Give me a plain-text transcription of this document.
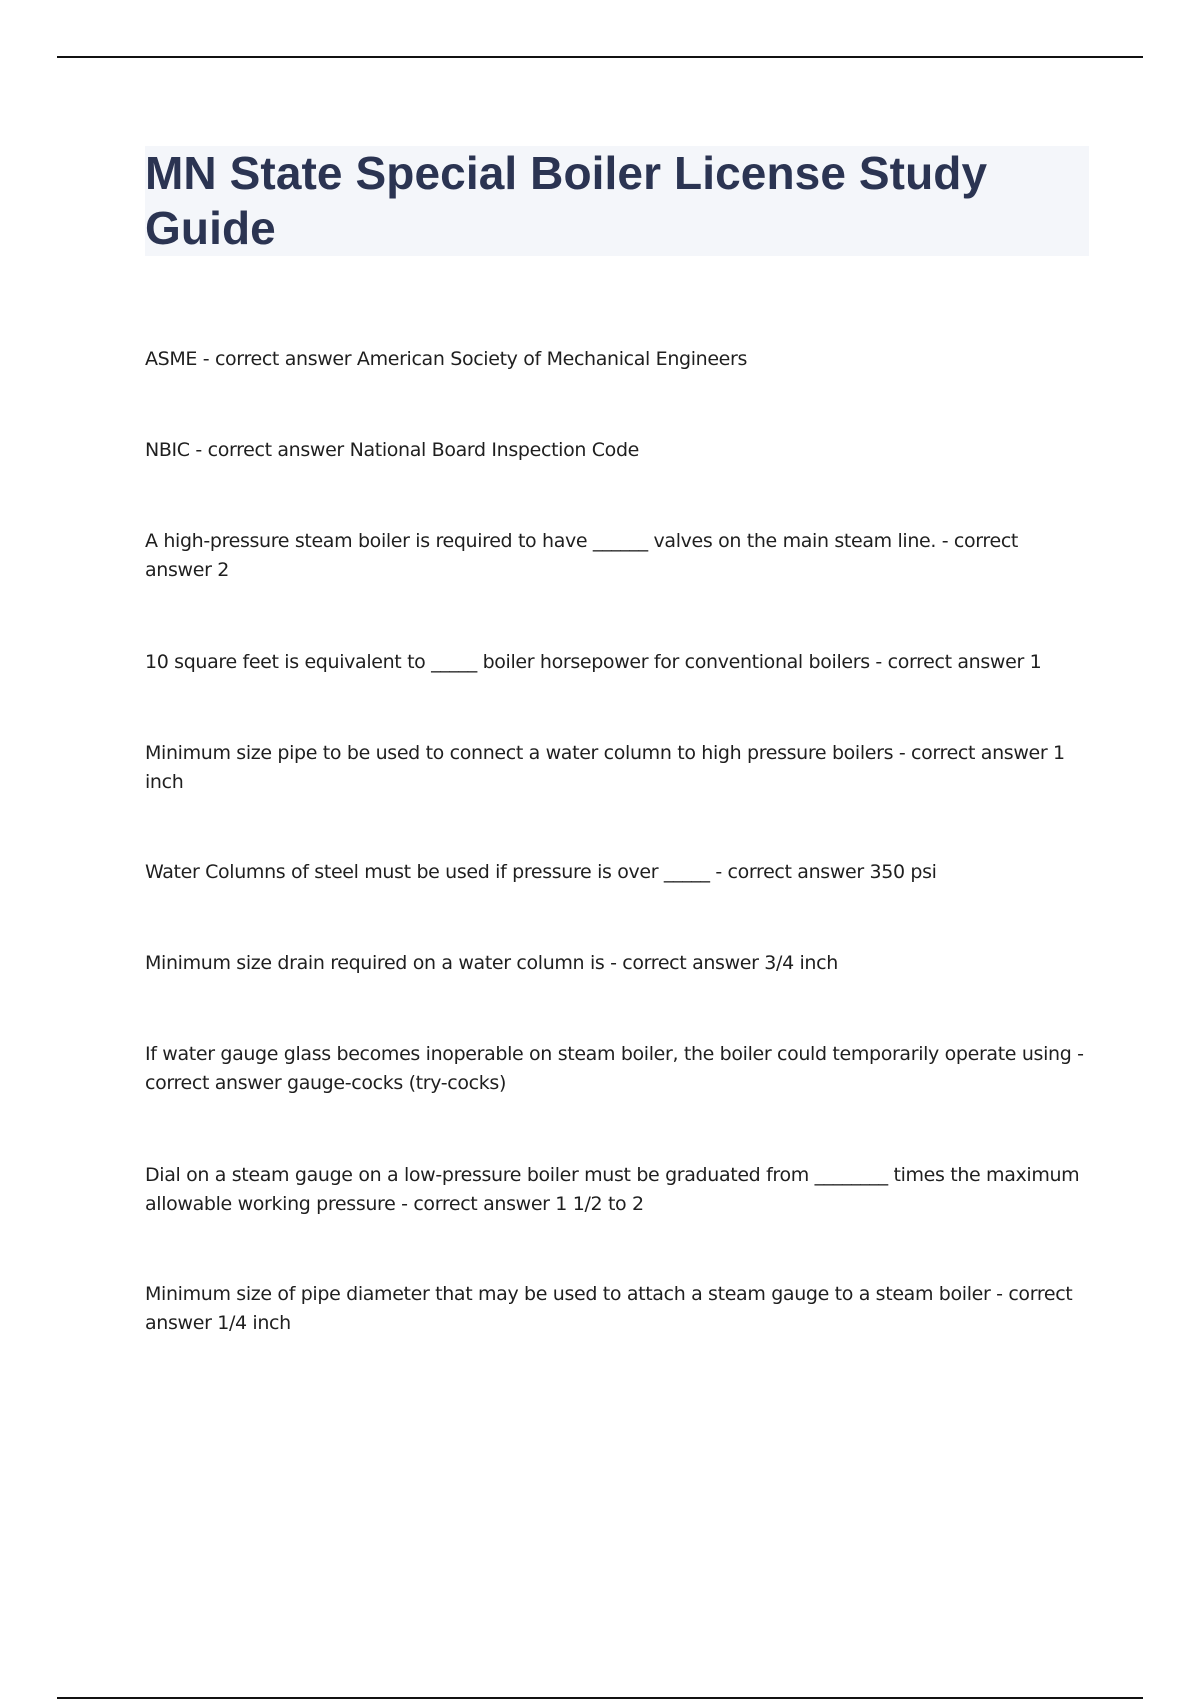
MN State Special Boiler License Study Guide
ASME - correct answer American Society of Mechanical Engineers
NBIC - correct answer National Board Inspection Code
A high-pressure steam boiler is required to have ______ valves on the main steam line. - correct answer 2
10 square feet is equivalent to _____ boiler horsepower for conventional boilers - correct answer 1
Minimum size pipe to be used to connect a water column to high pressure boilers - correct answer 1 inch
Water Columns of steel must be used if pressure is over _____ - correct answer 350 psi
Minimum size drain required on a water column is - correct answer 3/4 inch
If water gauge glass becomes inoperable on steam boiler, the boiler could temporarily operate using - correct answer gauge-cocks (try-cocks)
Dial on a steam gauge on a low-pressure boiler must be graduated from ________ times the maximum allowable working pressure - correct answer 1 1/2 to 2
Minimum size of pipe diameter that may be used to attach a steam gauge to a steam boiler - correct answer 1/4 inch
